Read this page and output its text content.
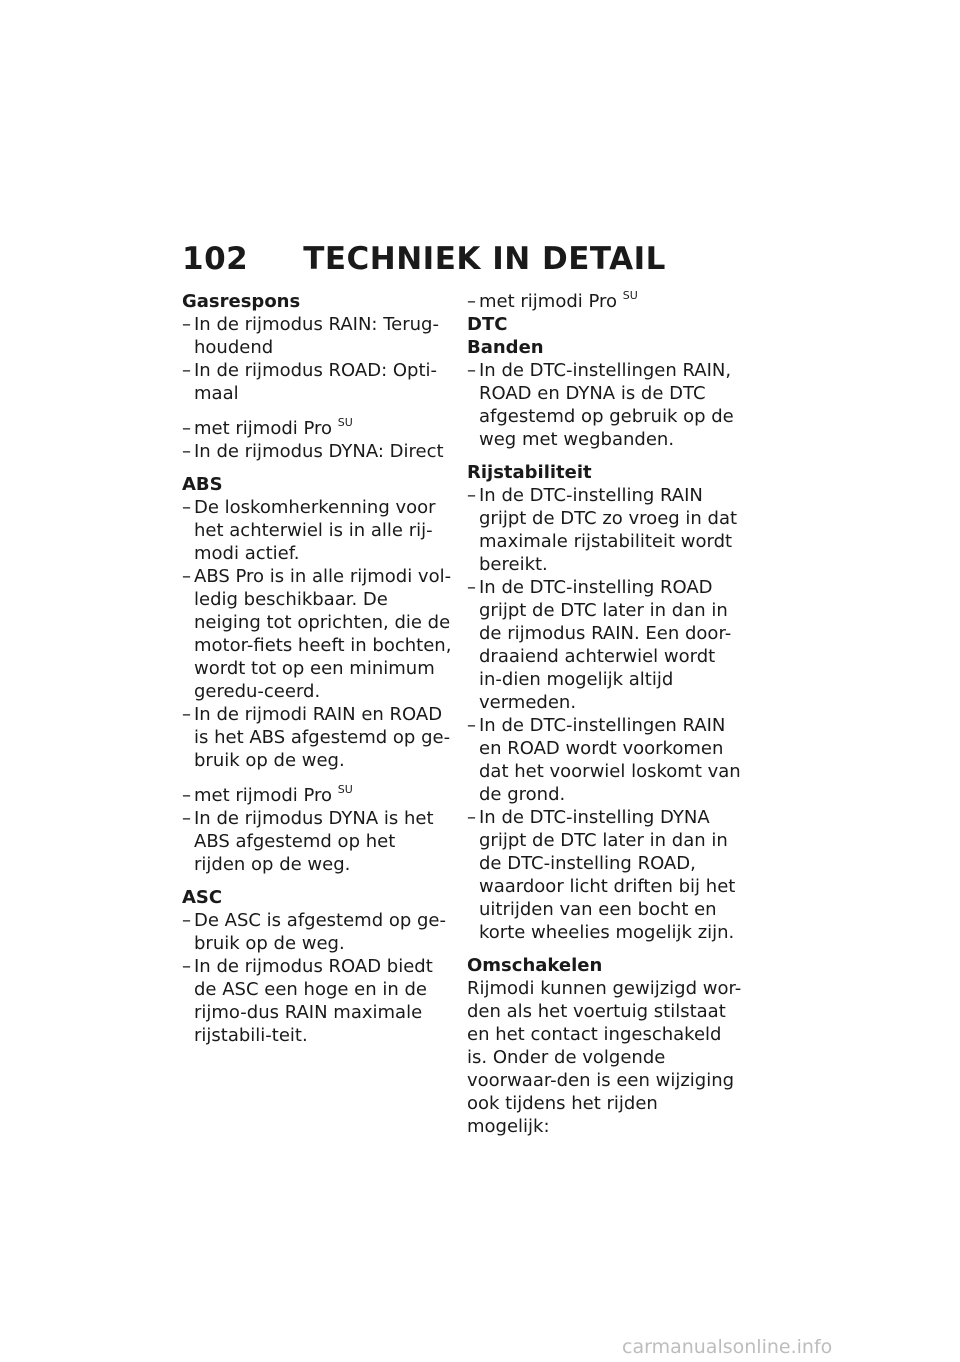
102 TECHNIEK IN DETAIL

Gasrespons

– In de rijmodus RAIN: Terug-houdend
– In de rijmodus ROAD: Opti-maal
– met rijmodi Pro $^{SU}$
– In de rijmodus DYNA: Direct

ABS

– De loskomherkenning voor het achterwiel is in alle rij-modi actief.
– ABS Pro is in alle rijmodi vol-ledig beschikbaar. De neiging tot oprichten, die de motor-fiets heeft in bochten, wordt tot op een minimum geredu-ceerd.
– In de rijmodi RAIN en ROAD is het ABS afgestemd op ge-bruik op de weg.
– met rijmodi Pro $^{SU}$
– In de rijmodus DYNA is het ABS afgestemd op het rijden op de weg.

ASC

– De ASC is afgestemd op ge-bruik op de weg.
– In de rijmodus ROAD biedt de ASC een hoge en in de rijmo-dus RAIN maximale rijstabili-teit.
– met rijmodi Pro $^{SU}$

DTC

Banden

– In de DTC-instellingen RAIN, ROAD en DYNA is de DTC afgestemd op gebruik op de weg met wegbanden.

Rijstabiliteit

– In de DTC-instelling RAIN grijpt de DTC zo vroeg in dat maximale rijstabiliteit wordt bereikt.
– In de DTC-instelling ROAD grijpt de DTC later in dan in de rijmodus RAIN. Een door-draaiend achterwiel wordt in-dien mogelijk altijd vermeden.
– In de DTC-instellingen RAIN en ROAD wordt voorkomen dat het voorwiel loskomt van de grond.
– In de DTC-instelling DYNA grijpt de DTC later in dan in de DTC-instelling ROAD, waardoor licht driften bij het uitrijden van een bocht en korte wheelies mogelijk zijn.

Omschakelen

Rijmodi kunnen gewijzigd wor-den als het voertuig stilstaat en het contact ingeschakeld is. Onder de volgende voorwaar-den is een wijziging ook tijdens het rijden mogelijk:

carmanualsonline.info
